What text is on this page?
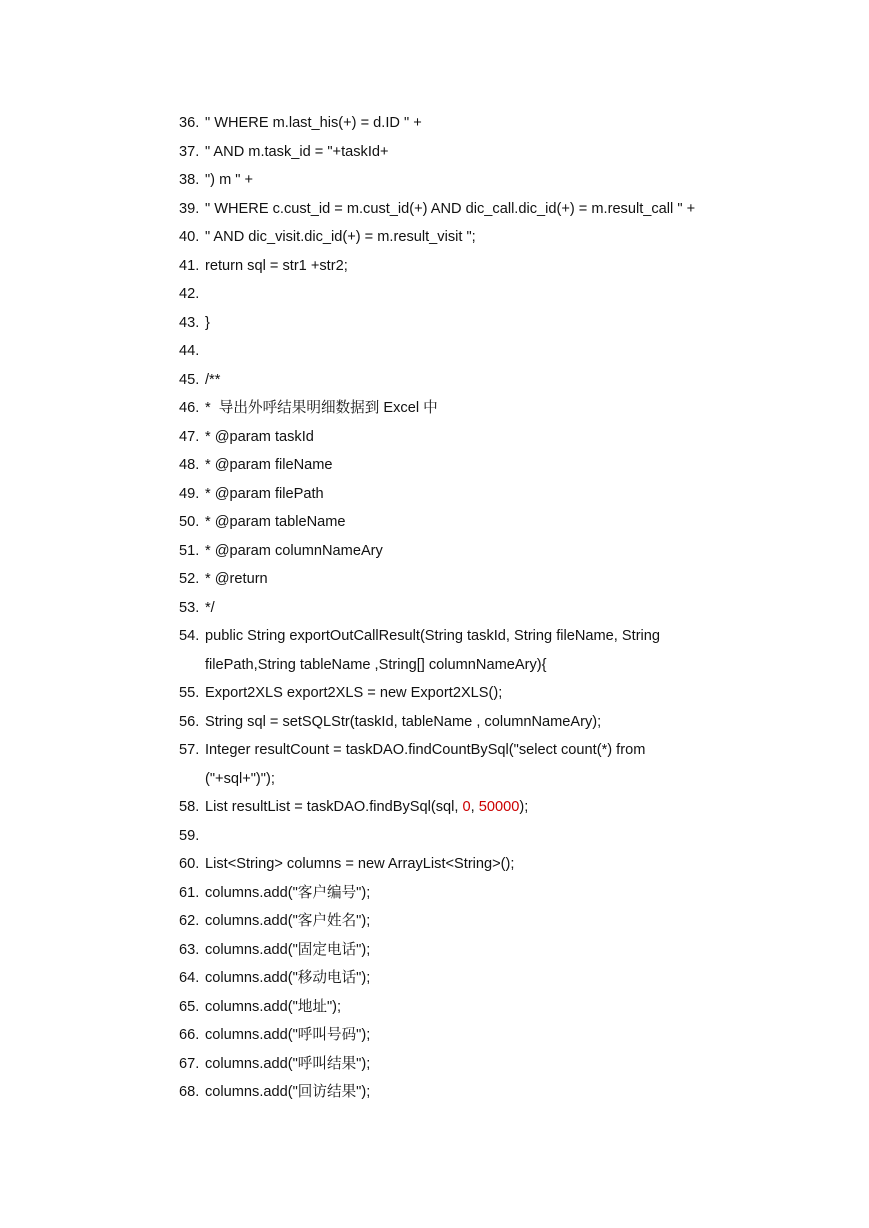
36. " WHERE m.last_his(+) = d.ID " +
37. " AND m.task_id = "+taskId+
38. ") m " +
39. " WHERE c.cust_id = m.cust_id(+) AND dic_call.dic_id(+) = m.result_call " +
40. " AND dic_visit.dic_id(+) = m.result_visit ";
41. return sql = str1 +str2;
42.
43. }
44.
45. /**
46. *  导出外呼结果明细数据到 Excel 中
47. * @param taskId
48. * @param fileName
49. * @param filePath
50. * @param tableName
51. * @param columnNameAry
52. * @return
53. */
54. public String exportOutCallResult(String taskId, String fileName, String
filePath,String tableName ,String[] columnNameAry){
55. Export2XLS export2XLS = new Export2XLS();
56. String sql = setSQLStr(taskId, tableName , columnNameAry);
57. Integer resultCount = taskDAO.findCountBySql("select count(*) from
("+sql+")");
58. List resultList = taskDAO.findBySql(sql, 0, 50000);
59.
60. List<String> columns = new ArrayList<String>();
61. columns.add("客户编号");
62. columns.add("客户姓名");
63. columns.add("固定电话");
64. columns.add("移动电话");
65. columns.add("地址");
66. columns.add("呼叫号码");
67. columns.add("呼叫结果");
68. columns.add("回访结果");
